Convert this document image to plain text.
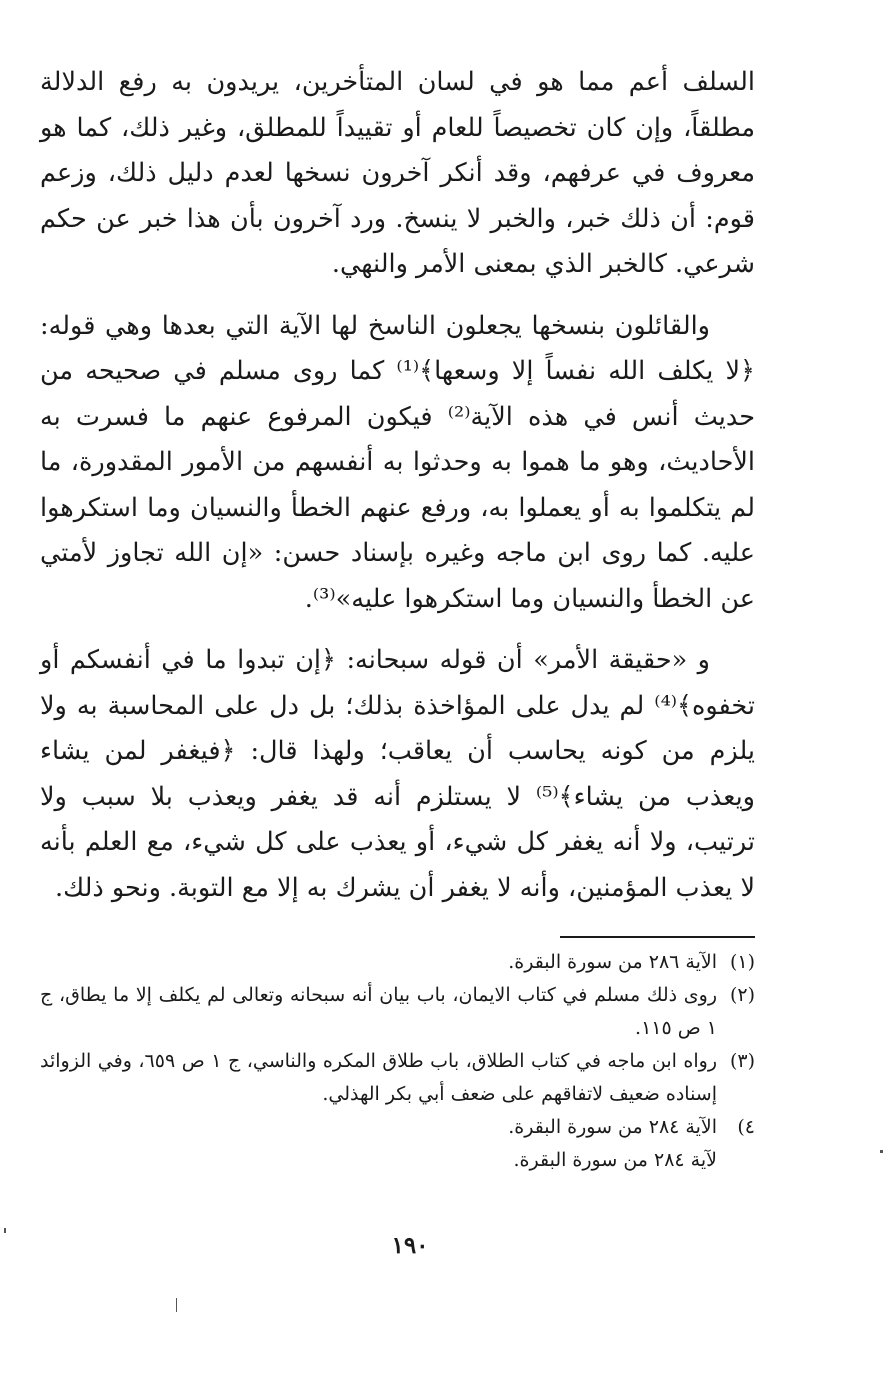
السلف أعم مما هو في لسان المتأخرين، يريدون به رفع الدلالة مطلقاً، وإن كان تخصيصاً للعام أو تقييداً للمطلق، وغير ذلك، كما هو معروف في عرفهم، وقد أنكر آخرون نسخها لعدم دليل ذلك، وزعم قوم: أن ذلك خبر، والخبر لا ينسخ. ورد آخرون بأن هذا خبر عن حكم شرعي. كالخبر الذي بمعنى الأمر والنهي.

والقائلون بنسخها يجعلون الناسخ لها الآية التي بعدها وهي قوله: ﴿لا يكلف الله نفساً إلا وسعها﴾⁽¹⁾ كما روى مسلم في صحيحه من حديث أنس في هذه الآية⁽²⁾ فيكون المرفوع عنهم ما فسرت به الأحاديث، وهو ما هموا به وحدثوا به أنفسهم من الأمور المقدورة، ما لم يتكلموا به أو يعملوا به، ورفع عنهم الخطأ والنسيان وما استكرهوا عليه. كما روى ابن ماجه وغيره بإسناد حسن: «إن الله تجاوز لأمتي عن الخطأ والنسيان وما استكرهوا عليه»⁽³⁾.

و «حقيقة الأمر» أن قوله سبحانه: ﴿إن تبدوا ما في أنفسكم أو تخفوه﴾⁽⁴⁾ لم يدل على المؤاخذة بذلك؛ بل دل على المحاسبة به ولا يلزم من كونه يحاسب أن يعاقب؛ ولهذا قال: ﴿فيغفر لمن يشاء ويعذب من يشاء﴾⁽⁵⁾ لا يستلزم أنه قد يغفر ويعذب بلا سبب ولا ترتيب، ولا أنه يغفر كل شيء، أو يعذب على كل شيء، مع العلم بأنه لا يعذب المؤمنين، وأنه لا يغفر أن يشرك به إلا مع التوبة. ونحو ذلك.

(١)
الآية ٢٨٦ من سورة البقرة.
(٢)
روى ذلك مسلم في كتاب الايمان، باب بيان أنه سبحانه وتعالى لم يكلف إلا ما يطاق، ج ١ ص ١١٥.
(٣)
رواه ابن ماجه في كتاب الطلاق، باب طلاق المكره والناسي، ج ١ ص ٦٥٩، وفي الزوائد إسناده ضعيف لاتفاقهم على ضعف أبي بكر الهذلي.
٤)
الآية ٢٨٤ من سورة البقرة.
لآية ٢٨٤ من سورة البقرة.
١٩٠
